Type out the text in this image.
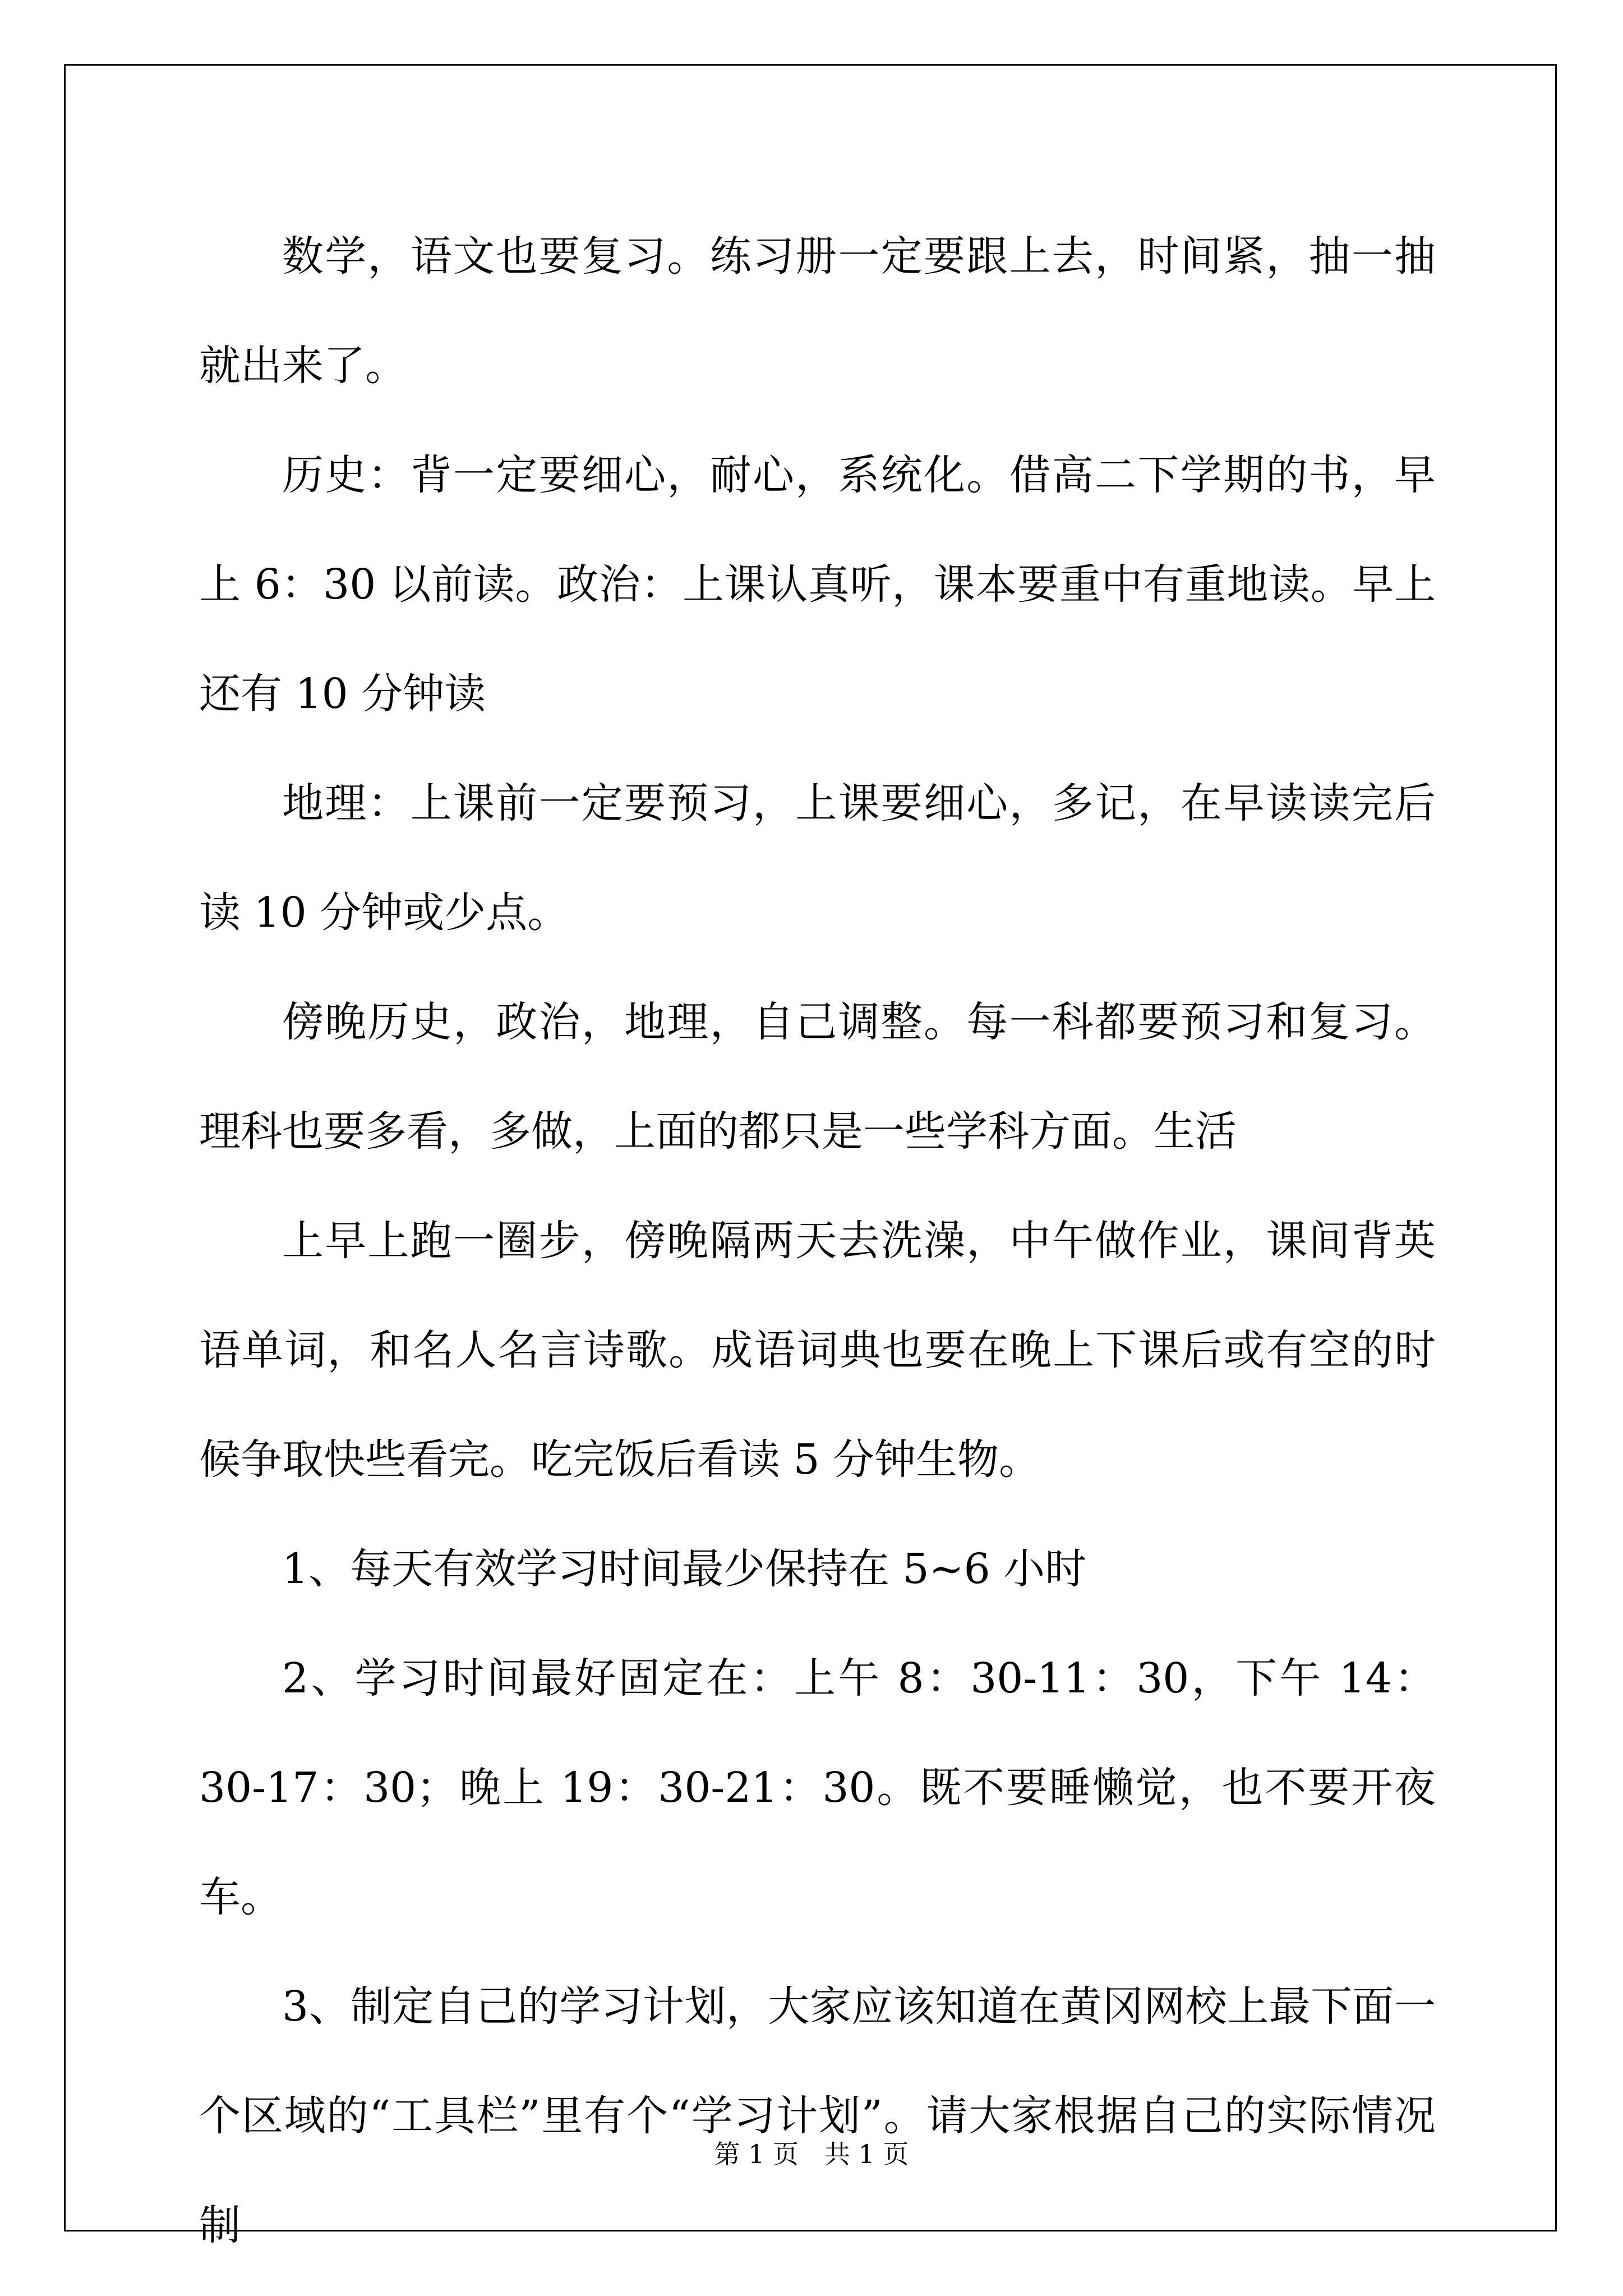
数学，语文也要复习。练习册一定要跟上去，时间紧，抽一抽就出来了。

历史：背一定要细心，耐心，系统化。借高二下学期的书，早上 6：30 以前读。政治：上课认真听，课本要重中有重地读。早上还有 10 分钟读

地理：上课前一定要预习，上课要细心，多记，在早读读完后读 10 分钟或少点。

傍晚历史，政治，地理，自己调整。每一科都要预习和复习。理科也要多看，多做，上面的都只是一些学科方面。生活

上早上跑一圈步，傍晚隔两天去洗澡，中午做作业，课间背英语单词，和名人名言诗歌。成语词典也要在晚上下课后或有空的时候争取快些看完。吃完饭后看读 5 分钟生物。

1、每天有效学习时间最少保持在 5~6 小时

2、学习时间最好固定在：上午 8：30-11：30，下午 14：30-17：30；晚上 19：30-21：30。既不要睡懒觉，也不要开夜车。

3、制定自己的学习计划，大家应该知道在黄冈网校上最下面一个区域的“工具栏”里有个“学习计划”。请大家根据自己的实际情况制

第 1 页　共 1 页
